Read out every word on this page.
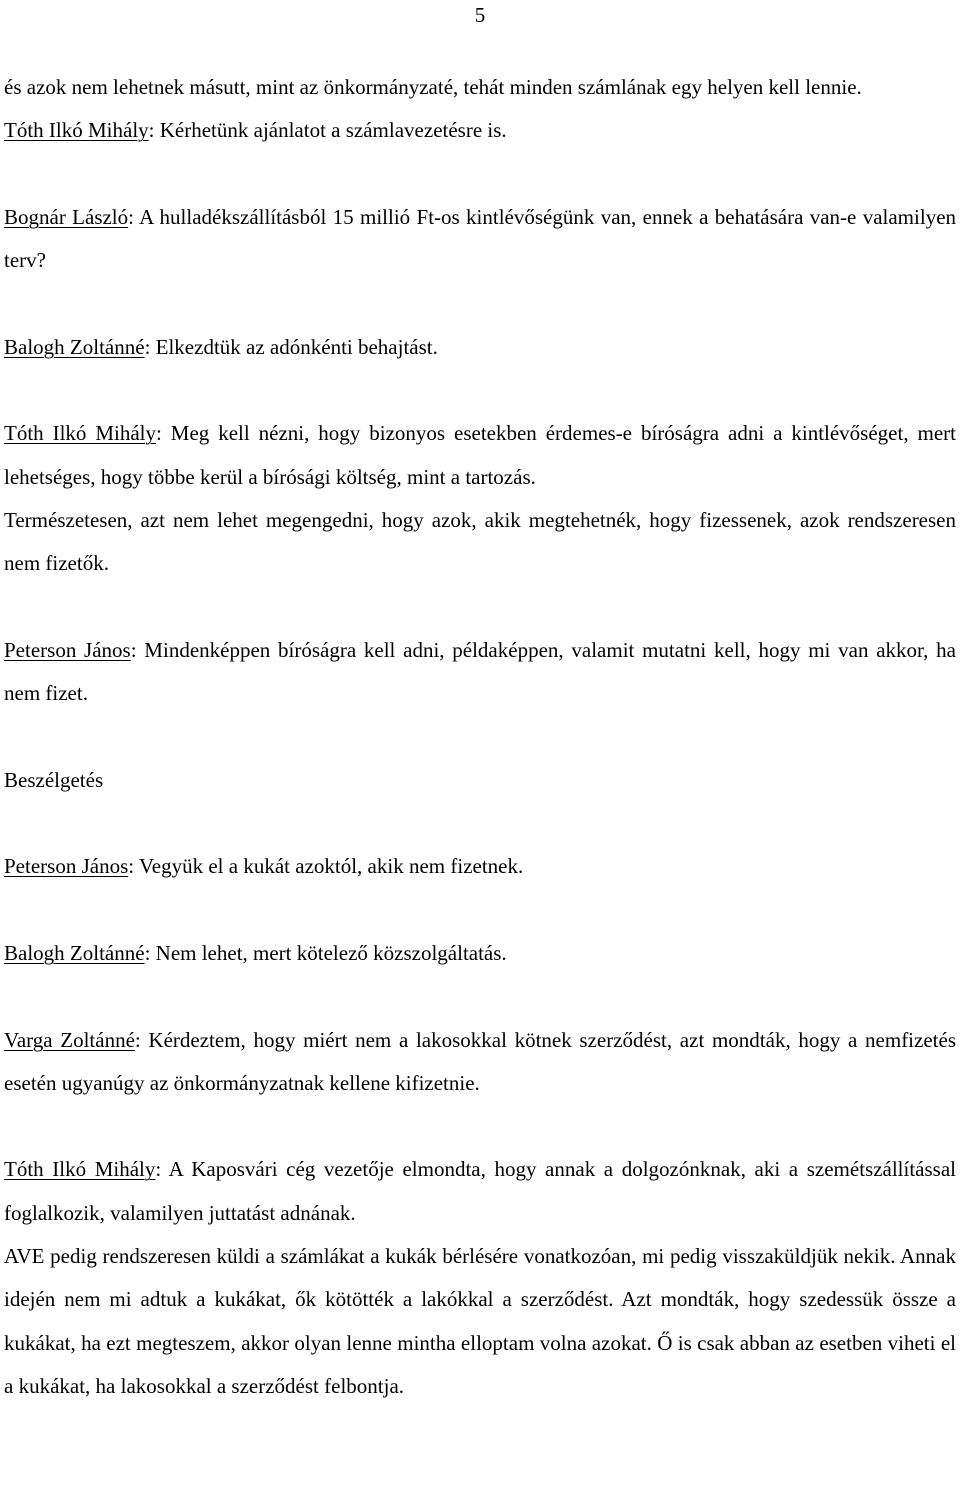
5

és azok nem lehetnek másutt, mint az önkormányzaté, tehát minden számlának egy helyen kell lennie.

Tóth Ilkó Mihály: Kérhetünk ajánlatot a számlavezetésre is.

Bognár László: A hulladékszállításból 15 millió Ft-os kintlévőségünk van, ennek a behatására van-e valamilyen terv?

Balogh Zoltánné: Elkezdtük az adónkénti behajtást.

Tóth Ilkó Mihály: Meg kell nézni, hogy bizonyos esetekben érdemes-e bíróságra adni a kintlévőséget, mert lehetséges, hogy többe kerül a bírósági költség, mint a tartozás.

Természetesen, azt nem lehet megengedni, hogy azok, akik megtehetnék, hogy fizessenek, azok rendszeresen nem fizetők.

Peterson János: Mindenképpen bíróságra kell adni, példaképpen, valamit mutatni kell, hogy mi van akkor, ha nem fizet.

Beszélgetés

Peterson János: Vegyük el a kukát azoktól, akik nem fizetnek.

Balogh Zoltánné: Nem lehet, mert kötelező közszolgáltatás.

Varga Zoltánné: Kérdeztem, hogy miért nem a lakosokkal kötnek szerződést, azt mondták, hogy a nemfizetés esetén ugyanúgy az önkormányzatnak kellene kifizetnie.

Tóth Ilkó Mihály: A Kaposvári cég vezetője elmondta, hogy annak a dolgozónknak, aki a szemétszállítással foglalkozik, valamilyen juttatást adnának.

AVE pedig rendszeresen küldi a számlákat a kukák bérlésére vonatkozóan, mi pedig visszaküldjük nekik. Annak idején nem mi adtuk a kukákat, ők kötötték a lakókkal a szerződést. Azt mondták, hogy szedessük össze a kukákat, ha ezt megteszem, akkor olyan lenne mintha elloptam volna azokat. Ő is csak abban az esetben viheti el a kukákat, ha lakosokkal a szerződést felbontja.
